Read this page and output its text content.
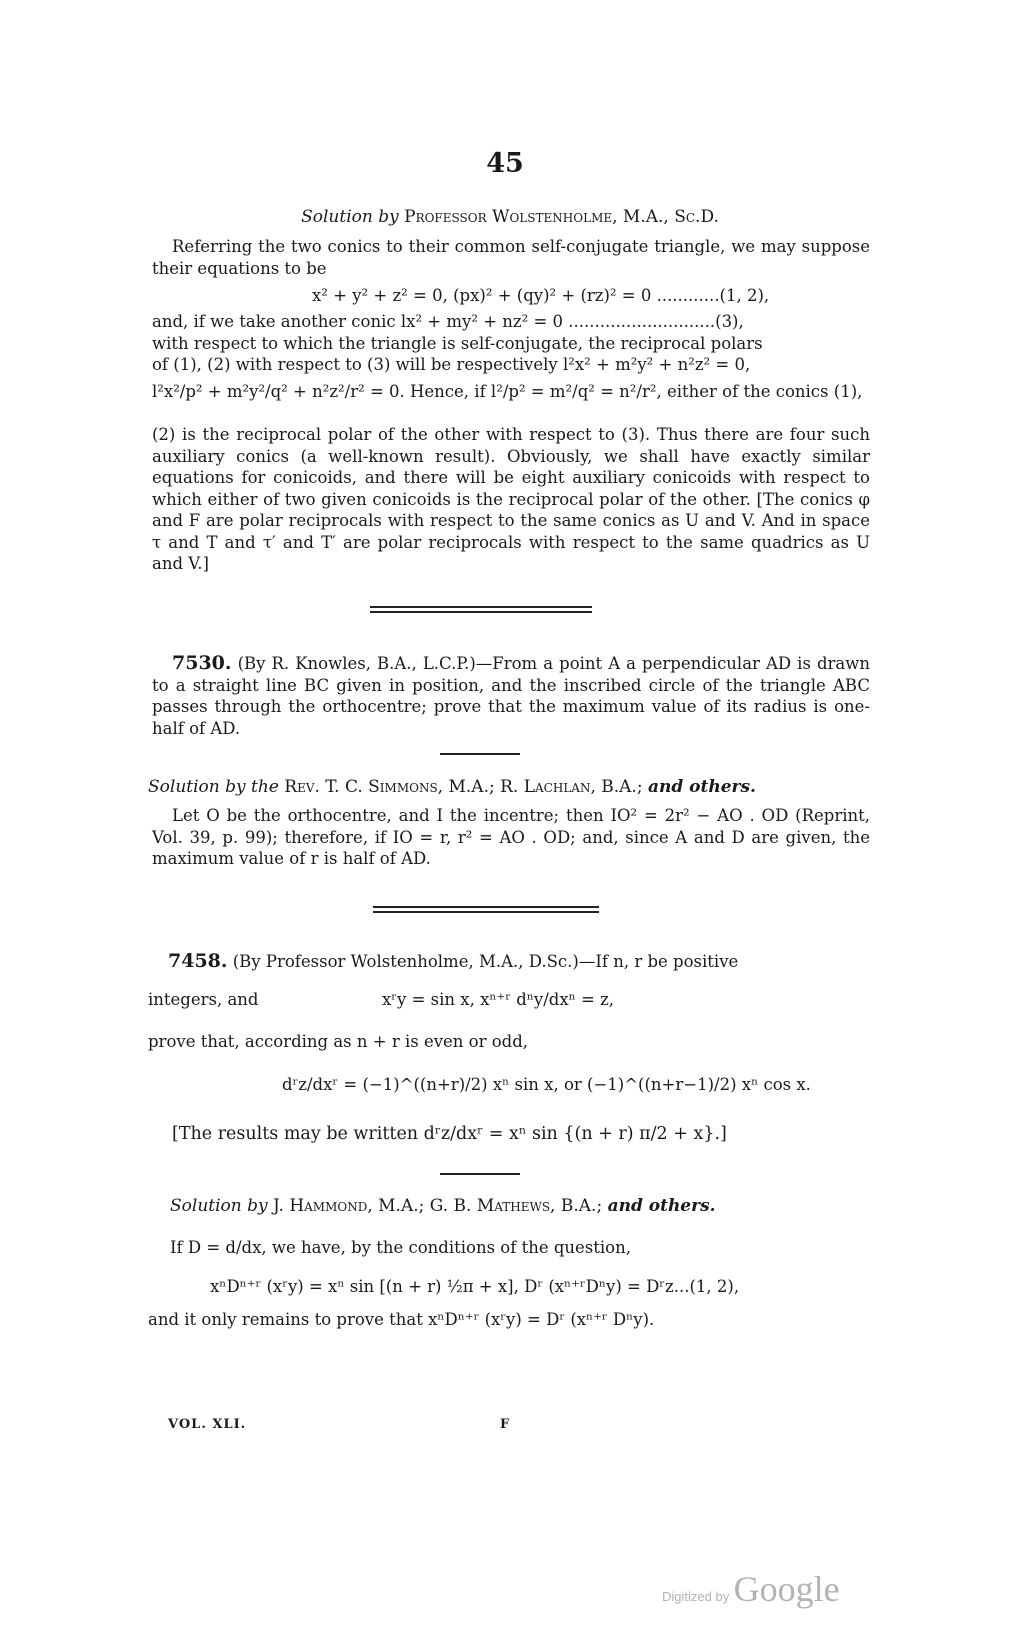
45
Solution by Professor Wolstenholme, M.A., Sc.D.

Referring the two conics to their common self-conjugate triangle, we may suppose their equations to be

x² + y² + z² = 0, (px)² + (qy)² + (rz)² = 0 ............(1, 2),

and, if we take another conic lx² + my² + nz² = 0 ............................(3),

with respect to which the triangle is self-conjugate, the reciprocal polars

of (1), (2) with respect to (3) will be respectively l²x² + m²y² + n²z² = 0,

l²x²/p² + m²y²/q² + n²z²/r² = 0. Hence, if l²/p² = m²/q² = n²/r², either of the conics (1),

(2) is the reciprocal polar of the other with respect to (3). Thus there are four such auxiliary conics (a well-known result). Obviously, we shall have exactly similar equations for conicoids, and there will be eight auxiliary conicoids with respect to which either of two given conicoids is the reciprocal polar of the other. [The conics φ and F are polar reciprocals with respect to the same conics as U and V. And in space τ and T and τ′ and T′ are polar reciprocals with respect to the same quadrics as U and V.]

7530. (By R. Knowles, B.A., L.C.P.)—From a point A a perpendicular AD is drawn to a straight line BC given in position, and the inscribed circle of the triangle ABC passes through the orthocentre; prove that the maximum value of its radius is one-half of AD.

Solution by the Rev. T. C. Simmons, M.A.; R. Lachlan, B.A.; and others.

Let O be the orthocentre, and I the incentre; then IO² = 2r² − AO . OD (Reprint, Vol. 39, p. 99); therefore, if IO = r, r² = AO . OD; and, since A and D are given, the maximum value of r is half of AD.

7458. (By Professor Wolstenholme, M.A., D.Sc.)—If n, r be positive

integers, and	xʳy = sin x, xⁿ⁺ʳ dⁿy/dxⁿ = z,
prove that, according as n + r is even or odd,
dʳz/dxʳ = (−1)^((n+r)/2) xⁿ sin x, or (−1)^((n+r−1)/2) xⁿ cos x.
[The results may be written dʳz/dxʳ = xⁿ sin {(n + r) π/2 + x}.]
Solution by J. Hammond, M.A.; G. B. Mathews, B.A.; and others.
If D = d/dx, we have, by the conditions of the question,
xⁿDⁿ⁺ʳ (xʳy) = xⁿ sin [(n + r) ½π + x], Dʳ (xⁿ⁺ʳDⁿy) = Dʳz...(1, 2),
and it only remains to prove that xⁿDⁿ⁺ʳ (xʳy) = Dʳ (xⁿ⁺ʳ Dⁿy).
VOL. XLI.	F
Digitized by Google
